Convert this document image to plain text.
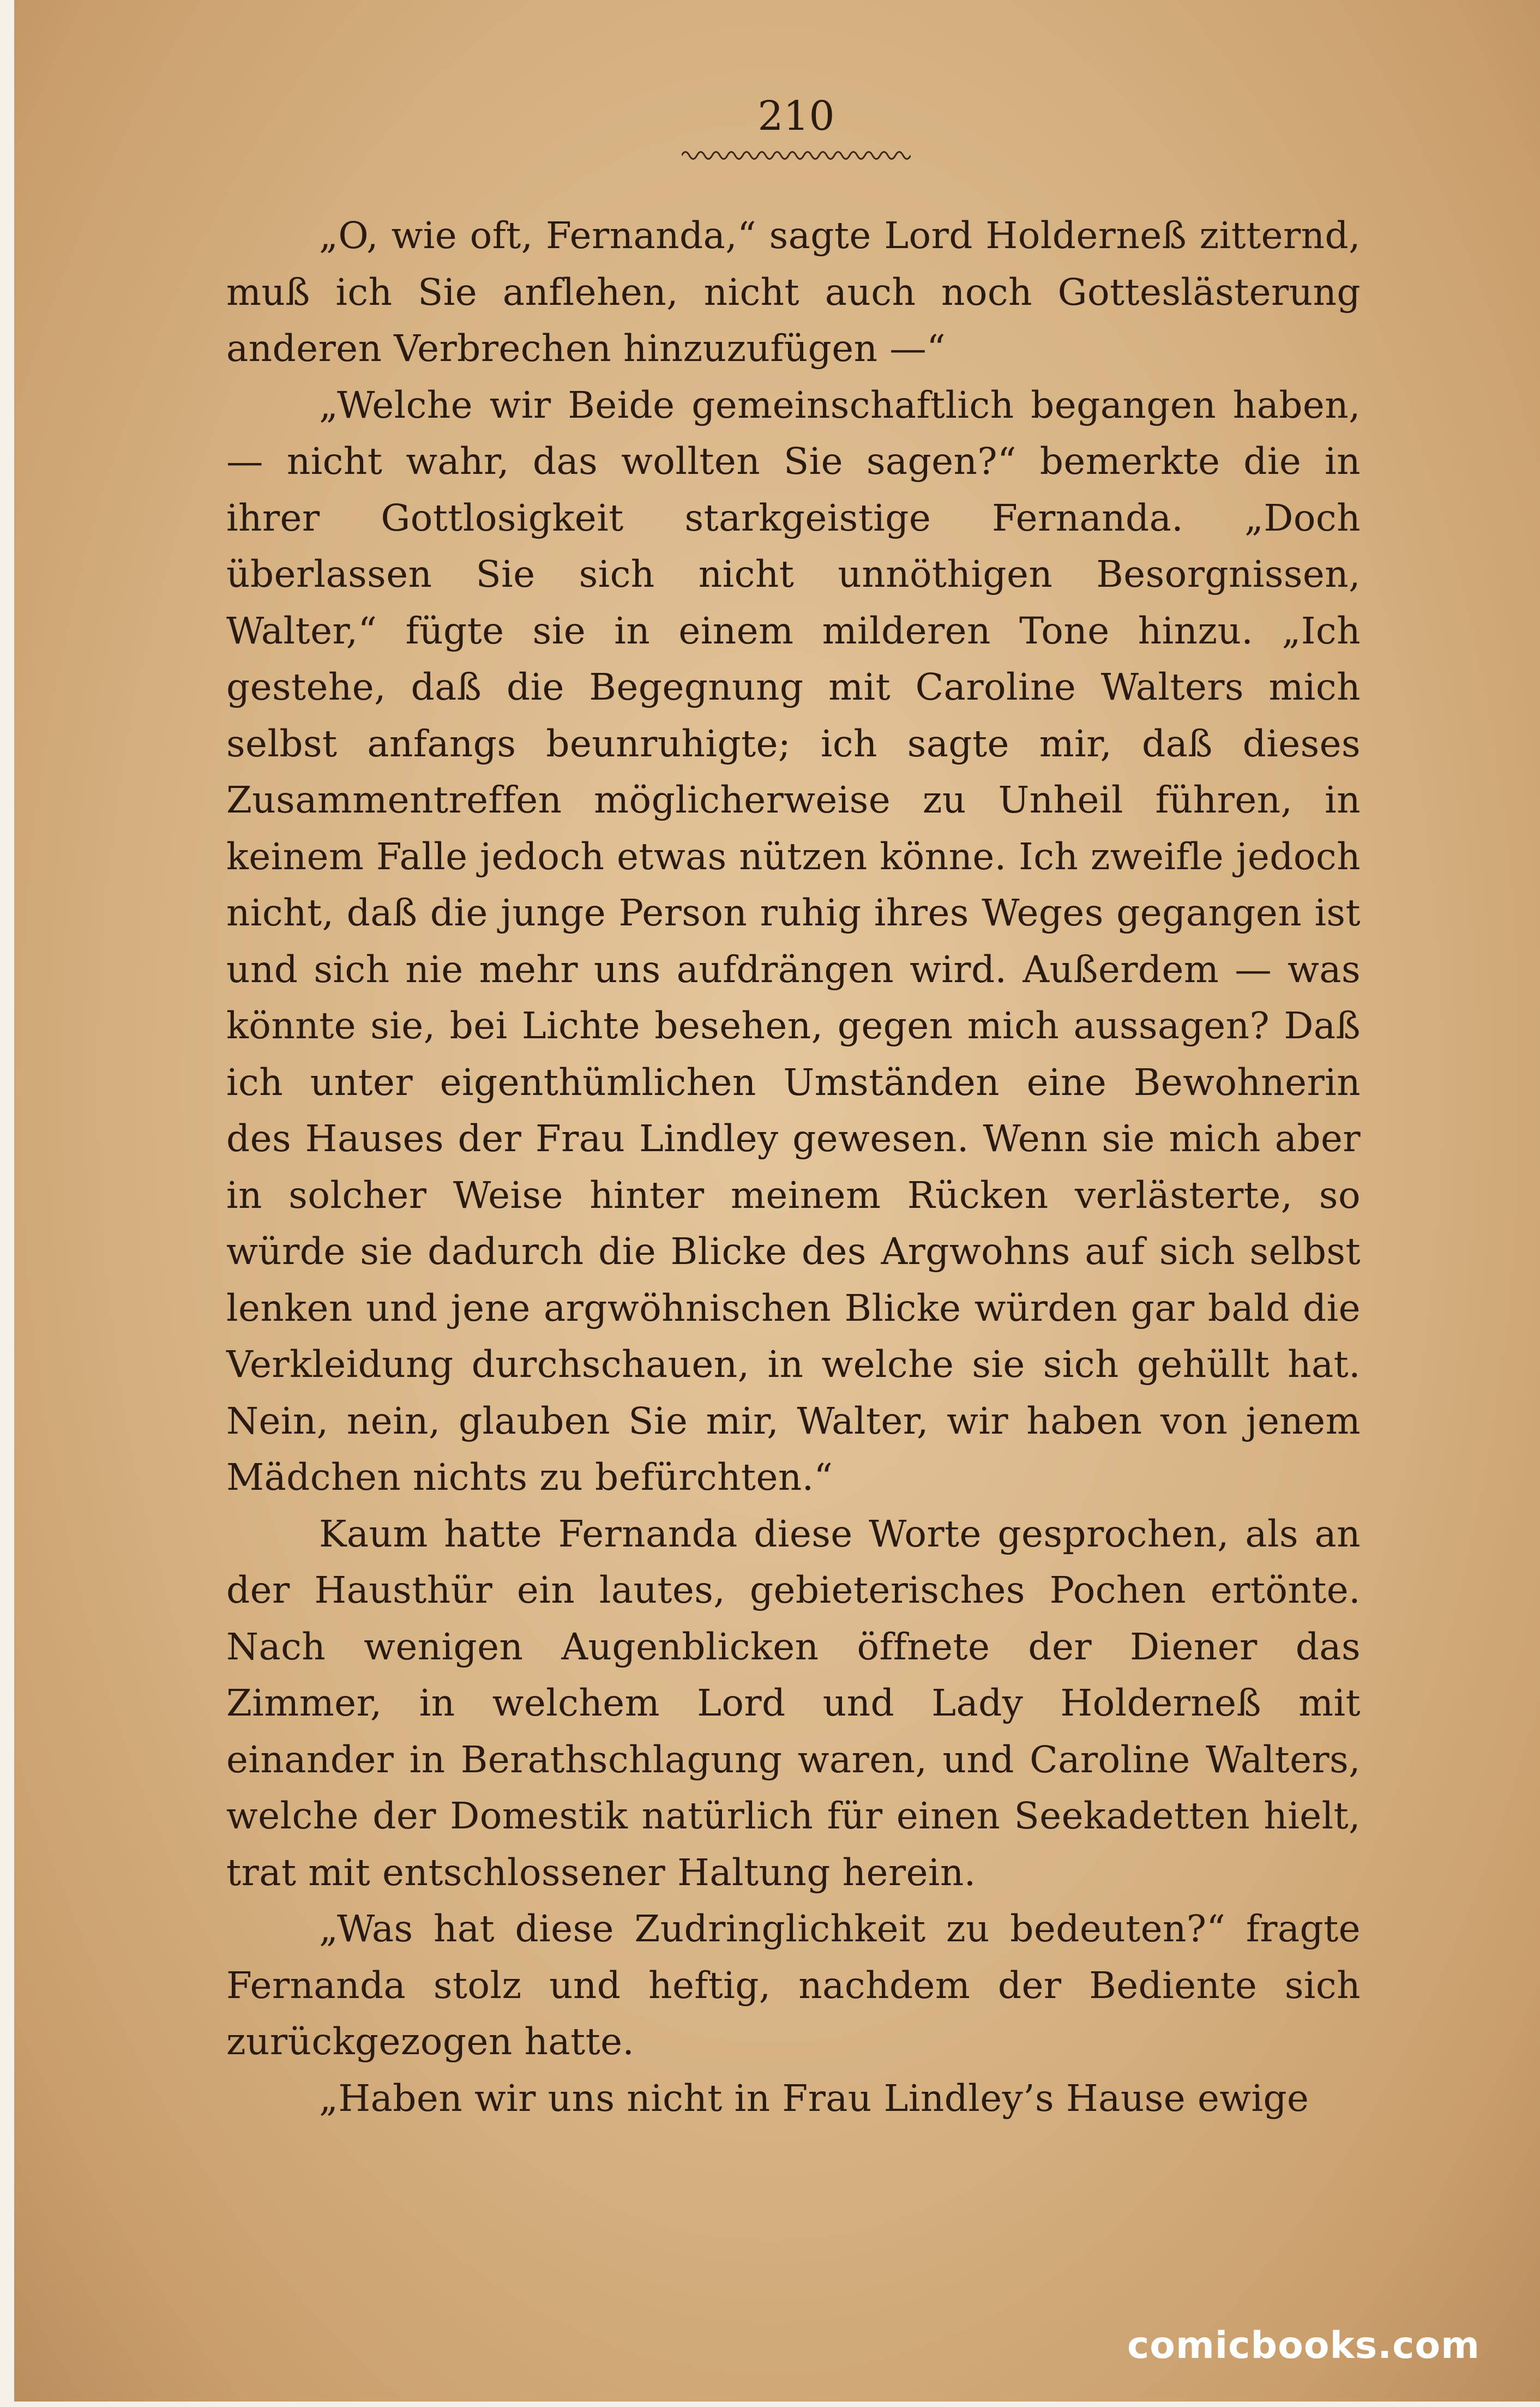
210

„O, wie oft, Fernanda,“ sagte Lord Holderneß zitternd, muß ich Sie anflehen, nicht auch noch Gotteslästerung anderen Verbrechen hinzuzufügen —“

„Welche wir Beide gemeinschaftlich begangen haben, — nicht wahr, das wollten Sie sagen?“ bemerkte die in ihrer Gottlosigkeit starkgeistige Fernanda. „Doch überlassen Sie sich nicht unnöthigen Besorgnissen, Walter,“ fügte sie in einem milderen Tone hinzu. „Ich gestehe, daß die Begegnung mit Caroline Walters mich selbst anfangs beunruhigte; ich sagte mir, daß dieses Zusammentreffen möglicherweise zu Unheil führen, in keinem Falle jedoch etwas nützen könne. Ich zweifle jedoch nicht, daß die junge Person ruhig ihres Weges gegangen ist und sich nie mehr uns aufdrängen wird. Außerdem — was könnte sie, bei Lichte besehen, gegen mich aussagen? Daß ich unter eigenthümlichen Umständen eine Bewohnerin des Hauses der Frau Lindley gewesen. Wenn sie mich aber in solcher Weise hinter meinem Rücken verlästerte, so würde sie dadurch die Blicke des Argwohns auf sich selbst lenken und jene argwöhnischen Blicke würden gar bald die Verkleidung durchschauen, in welche sie sich gehüllt hat. Nein, nein, glauben Sie mir, Walter, wir haben von jenem Mädchen nichts zu befürchten.“

Kaum hatte Fernanda diese Worte gesprochen, als an der Hausthür ein lautes, gebieterisches Pochen ertönte. Nach wenigen Augenblicken öffnete der Diener das Zimmer, in welchem Lord und Lady Holderneß mit einander in Berathschlagung waren, und Caroline Walters, welche der Domestik natürlich für einen Seekadetten hielt, trat mit entschlossener Haltung herein.

„Was hat diese Zudringlichkeit zu bedeuten?“ fragte Fernanda stolz und heftig, nachdem der Bediente sich zurückgezogen hatte.

„Haben wir uns nicht in Frau Lindley’s Hause ewige

comicbooks.com
